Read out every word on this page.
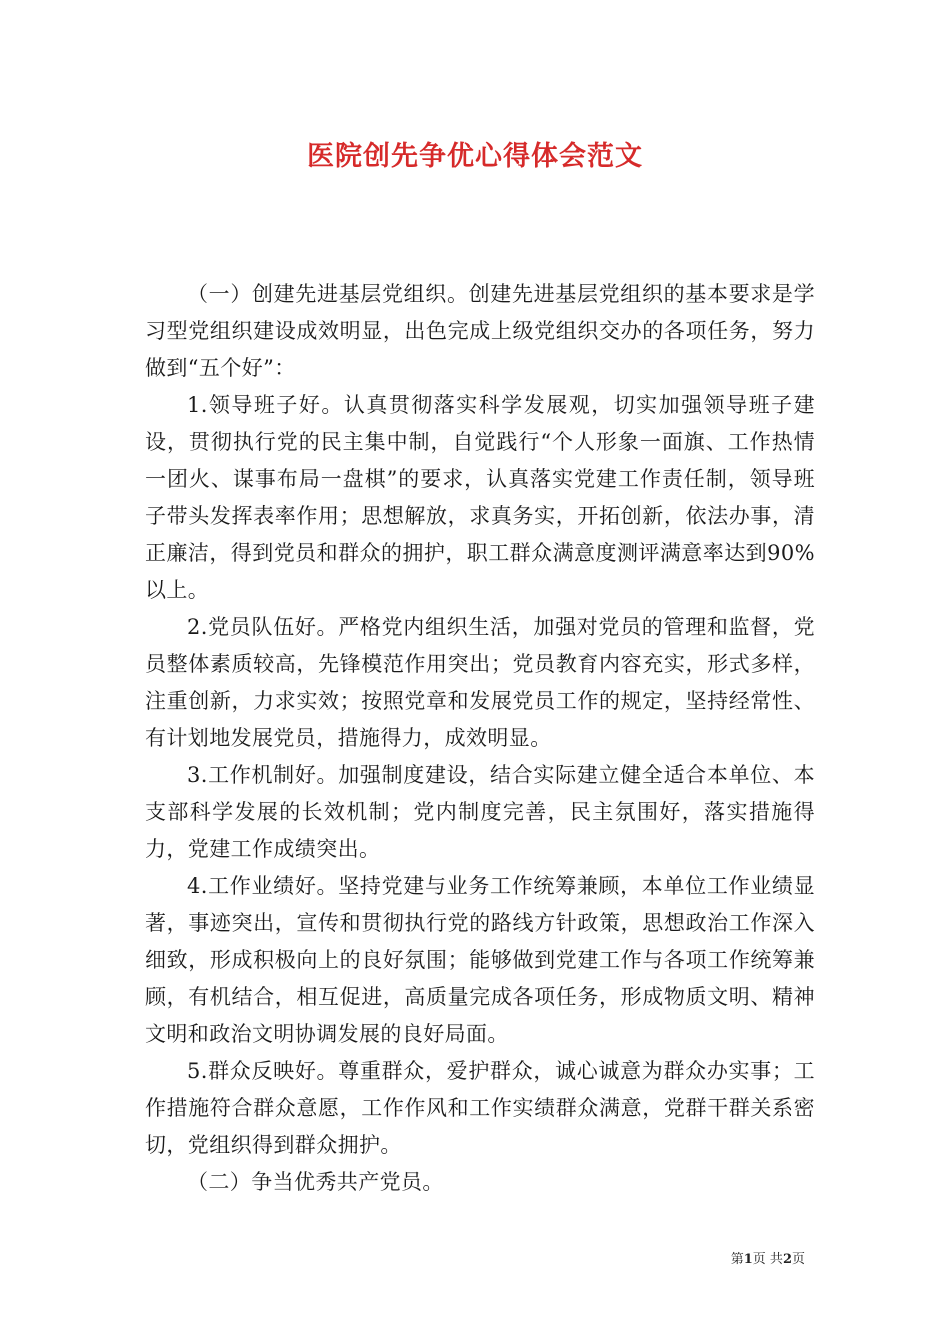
医院创先争优心得体会范文

（一）创建先进基层党组织。创建先进基层党组织的基本要求是学习型党组织建设成效明显，出色完成上级党组织交办的各项任务，努力做到“五个好”：

1.领导班子好。认真贯彻落实科学发展观，切实加强领导班子建设，贯彻执行党的民主集中制，自觉践行“个人形象一面旗、工作热情一团火、谋事布局一盘棋”的要求，认真落实党建工作责任制，领导班子带头发挥表率作用；思想解放，求真务实，开拓创新，依法办事，清正廉洁，得到党员和群众的拥护，职工群众满意度测评满意率达到90%以上。

2.党员队伍好。严格党内组织生活，加强对党员的管理和监督，党员整体素质较高，先锋模范作用突出；党员教育内容充实，形式多样，注重创新，力求实效；按照党章和发展党员工作的规定，坚持经常性、有计划地发展党员，措施得力，成效明显。

3.工作机制好。加强制度建设，结合实际建立健全适合本单位、本支部科学发展的长效机制；党内制度完善，民主氛围好，落实措施得力，党建工作成绩突出。

4.工作业绩好。坚持党建与业务工作统筹兼顾，本单位工作业绩显著，事迹突出，宣传和贯彻执行党的路线方针政策，思想政治工作深入细致，形成积极向上的良好氛围；能够做到党建工作与各项工作统筹兼顾，有机结合，相互促进，高质量完成各项任务，形成物质文明、精神文明和政治文明协调发展的良好局面。

5.群众反映好。尊重群众，爱护群众，诚心诚意为群众办实事；工作措施符合群众意愿，工作作风和工作实绩群众满意，党群干群关系密切，党组织得到群众拥护。

（二）争当优秀共产党员。

第1页 共2页
